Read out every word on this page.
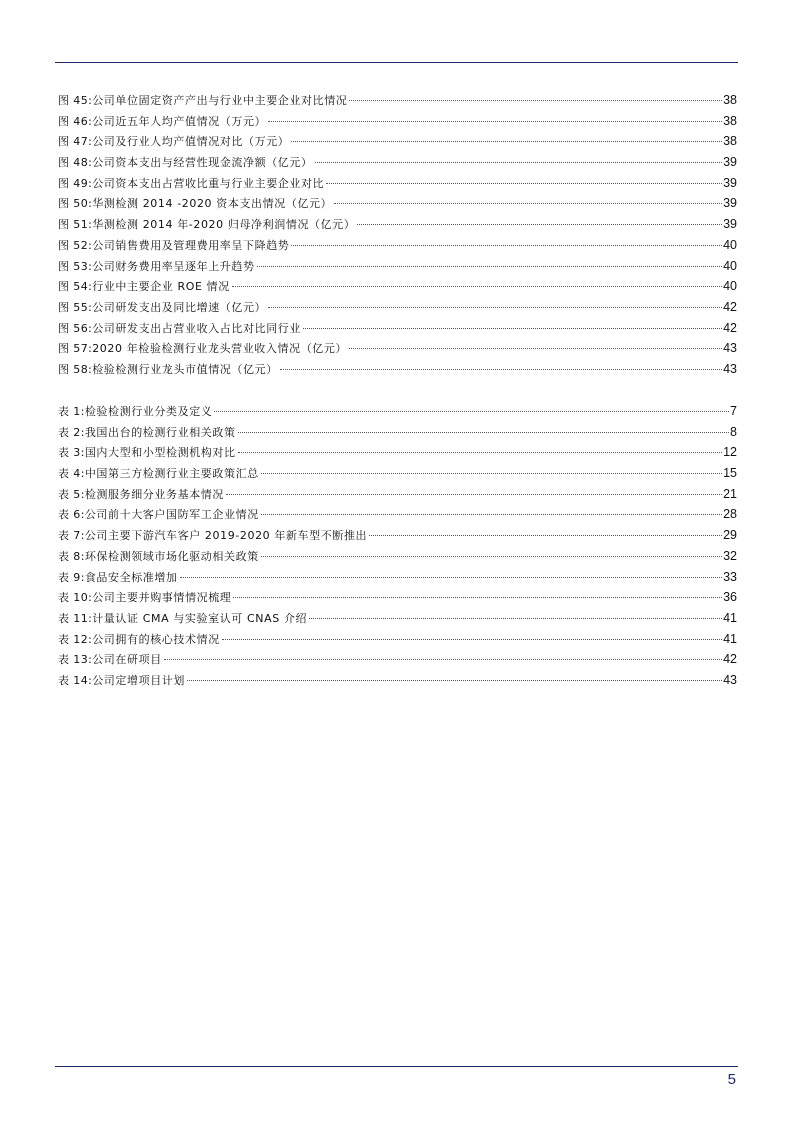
图 45: 公司单位固定资产产出与行业中主要企业对比情况	38
图 46: 公司近五年人均产值情况（万元）	38
图 47: 公司及行业人均产值情况对比（万元）	38
图 48: 公司资本支出与经营性现金流净额（亿元）	39
图 49: 公司资本支出占营收比重与行业主要企业对比	39
图 50: 华测检测 2014 -2020 资本支出情况（亿元）	39
图 51: 华测检测 2014 年-2020 归母净利润情况（亿元）	39
图 52: 公司销售费用及管理费用率呈下降趋势	40
图 53: 公司财务费用率呈逐年上升趋势	40
图 54: 行业中主要企业 ROE 情况	40
图 55: 公司研发支出及同比增速（亿元）	42
图 56: 公司研发支出占营业收入占比对比同行业	42
图 57: 2020 年检验检测行业龙头营业收入情况（亿元）	43
图 58: 检验检测行业龙头市值情况（亿元）	43
表 1: 检验检测行业分类及定义	7
表 2: 我国出台的检测行业相关政策	8
表 3: 国内大型和小型检测机构对比	12
表 4: 中国第三方检测行业主要政策汇总	15
表 5: 检测服务细分业务基本情况	21
表 6: 公司前十大客户国防军工企业情况	28
表 7: 公司主要下游汽车客户 2019-2020 年新车型不断推出	29
表 8: 环保检测领域市场化驱动相关政策	32
表 9: 食品安全标准增加	33
表 10: 公司主要并购事情情况梳理	36
表 11: 计量认证 CMA 与实验室认可 CNAS 介绍	41
表 12: 公司拥有的核心技术情况	41
表 13: 公司在研项目	42
表 14: 公司定增项目计划	43
5
